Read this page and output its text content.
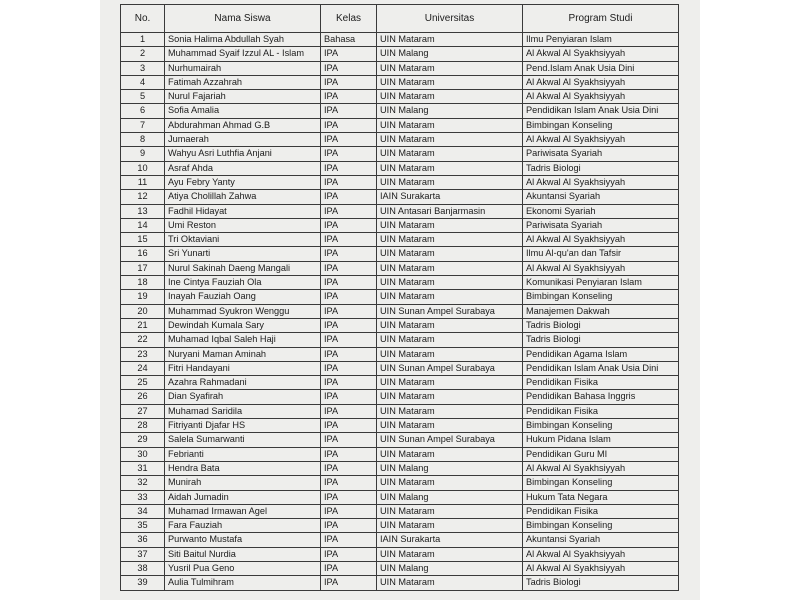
No.	Nama Siswa	Kelas	Universitas	Program Studi
1	Sonia Halima Abdullah Syah	Bahasa	UIN Mataram	Ilmu Penyiaran Islam
2	Muhammad Syaif Izzul AL - Islam	IPA	UIN Malang	Al Akwal Al Syakhsiyyah
3	Nurhumairah	IPA	UIN Mataram	Pend.Islam Anak Usia Dini
4	Fatimah Azzahrah	IPA	UIN Mataram	Al Akwal Al Syakhsiyyah
5	Nurul Fajariah	IPA	UIN Mataram	Al Akwal Al Syakhsiyyah
6	Sofia Amalia	IPA	UIN Malang	Pendidikan Islam Anak Usia Dini
7	Abdurahman Ahmad G.B	IPA	UIN Mataram	Bimbingan Konseling
8	Jumaerah	IPA	UIN Mataram	Al Akwal Al Syakhsiyyah
9	Wahyu Asri Luthfia Anjani	IPA	UIN Mataram	Pariwisata Syariah
10	Asraf Ahda	IPA	UIN Mataram	Tadris Biologi
11	Ayu Febry Yanty	IPA	UIN Mataram	Al Akwal Al Syakhsiyyah
12	Atiya Cholillah Zahwa	IPA	IAIN Surakarta	Akuntansi Syariah
13	Fadhil Hidayat	IPA	UIN Antasari Banjarmasin	Ekonomi Syariah
14	Umi Reston	IPA	UIN Mataram	Pariwisata Syariah
15	Tri Oktaviani	IPA	UIN Mataram	Al Akwal Al Syakhsiyyah
16	Sri Yunarti	IPA	UIN Mataram	Ilmu Al-qu'an dan Tafsir
17	Nurul Sakinah Daeng Mangali	IPA	UIN Mataram	Al Akwal Al Syakhsiyyah
18	Ine Cintya Fauziah Ola	IPA	UIN Mataram	Komunikasi Penyiaran Islam
19	Inayah Fauziah Oang	IPA	UIN Mataram	Bimbingan Konseling
20	Muhammad Syukron Wenggu	IPA	UIN Sunan Ampel Surabaya	Manajemen Dakwah
21	Dewindah Kumala Sary	IPA	UIN Mataram	Tadris Biologi
22	Muhamad Iqbal Saleh Haji	IPA	UIN Mataram	Tadris Biologi
23	Nuryani Maman Aminah	IPA	UIN Mataram	Pendidikan Agama Islam
24	Fitri Handayani	IPA	UIN Sunan Ampel Surabaya	Pendidikan Islam Anak Usia Dini
25	Azahra Rahmadani	IPA	UIN Mataram	Pendidikan Fisika
26	Dian Syafirah	IPA	UIN Mataram	Pendidikan Bahasa Inggris
27	Muhamad Saridila	IPA	UIN Mataram	Pendidikan Fisika
28	Fitriyanti Djafar HS	IPA	UIN Mataram	Bimbingan Konseling
29	Salela Sumarwanti	IPA	UIN Sunan Ampel Surabaya	Hukum Pidana Islam
30	Febrianti	IPA	UIN Mataram	Pendidikan Guru MI
31	Hendra Bata	IPA	UIN Malang	Al Akwal Al Syakhsiyyah
32	Munirah	IPA	UIN Mataram	Bimbingan Konseling
33	Aidah Jumadin	IPA	UIN Malang	Hukum Tata Negara
34	Muhamad Irmawan Agel	IPA	UIN Mataram	Pendidikan Fisika
35	Fara Fauziah	IPA	UIN Mataram	Bimbingan Konseling
36	Purwanto Mustafa	IPA	IAIN Surakarta	Akuntansi Syariah
37	Siti Baitul Nurdia	IPA	UIN Mataram	Al Akwal Al Syakhsiyyah
38	Yusril Pua Geno	IPA	UIN Malang	Al Akwal Al Syakhsiyyah
39	Aulia Tulmihram	IPA	UIN Mataram	Tadris Biologi
